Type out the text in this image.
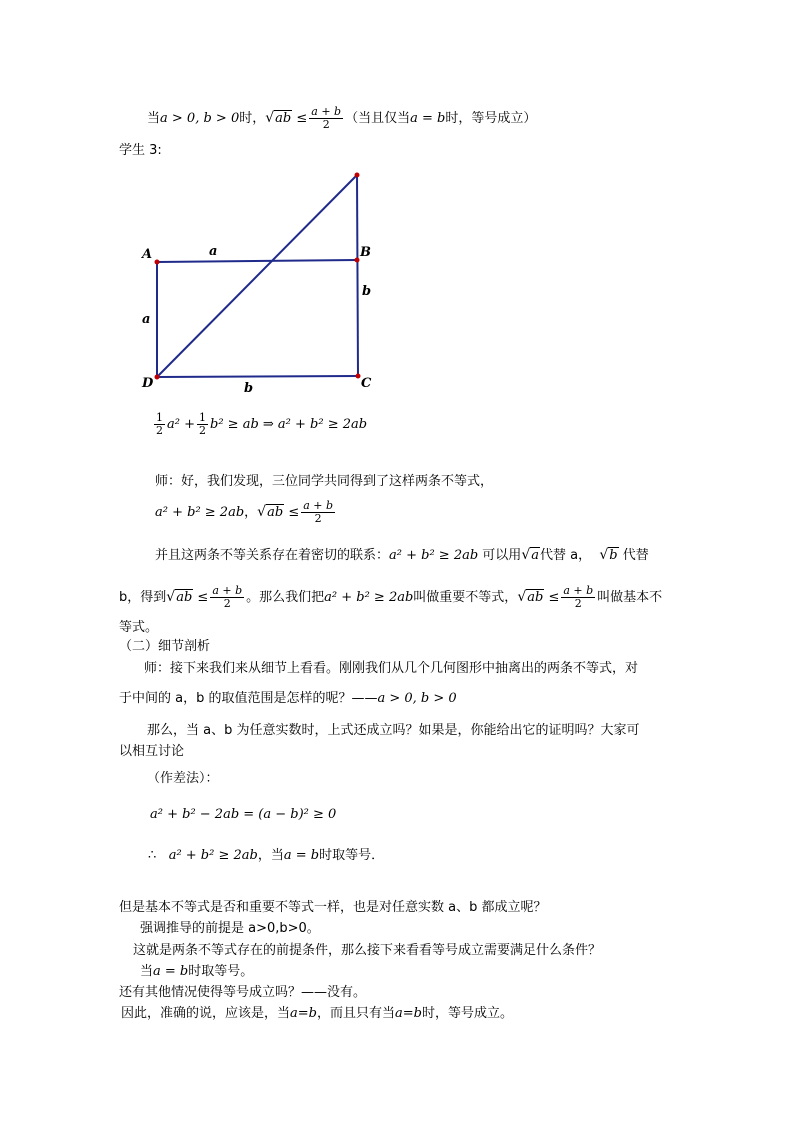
当a > 0, b > 0时，$√ab \le \frac{a + b}{2}$ （当且仅当a = b时，等号成立）
学生 3:
A	B
C
D
a
a
b
b
$\frac{1}{2} a^2 + \frac{1}{2} b^2$ ≥ ab ⇒ a² + b² ≥ 2ab
师：好，我们发现，三位同学共同得到了这样两条不等式，
a² + b² ≥ 2ab，$√ab \le \frac{a + b}{2}$
并且这两条不等关系存在着密切的联系：a² + b² ≥ 2ab 可以用√a代替 a， √b 代替
b，得到$√ab \le \frac{a + b}{2}$ 。那么我们把a² + b² ≥ 2ab叫做重要不等式，$√ab \le \frac{a + b}{2}$ 叫做基本不
等式。
（二）细节剖析
师：接下来我们来从细节上看看。刚刚我们从几个几何图形中抽离出的两条不等式，对
于中间的 a，b 的取值范围是怎样的呢？——a > 0, b > 0
那么，当 a、b 为任意实数时，上式还成立吗？如果是，你能给出它的证明吗？大家可
以相互讨论
（作差法）：
a² + b² − 2ab = (a − b)² ≥ 0
∴ a² + b² ≥ 2ab，当a = b时取等号．
但是基本不等式是否和重要不等式一样，也是对任意实数 a、b 都成立呢？
强调推导的前提是 a>0,b>0。
这就是两条不等式存在的前提条件，那么接下来看看等号成立需要满足什么条件？
当a = b时取等号。
还有其他情况使得等号成立吗？——没有。
因此，准确的说，应该是，当a=b，而且只有当a=b时，等号成立。
